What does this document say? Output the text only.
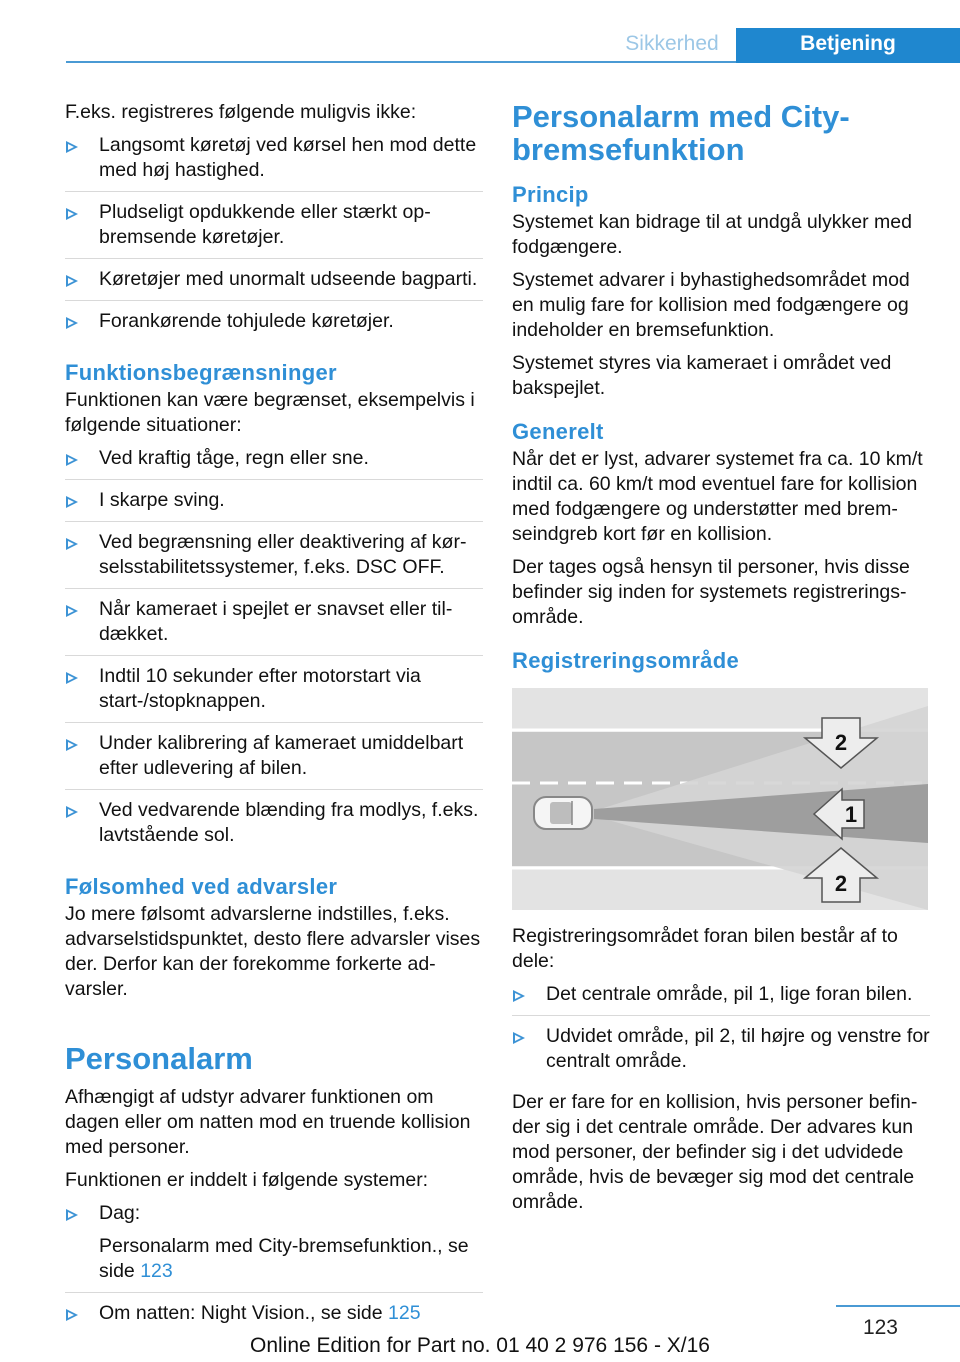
Sikkerhed	Betjening

F.eks. registreres følgende muligvis ikke:

Langsomt køretøj ved kørsel hen mod dette med høj hastighed.
Pludseligt opdukkende eller stærkt opbremsende køretøjer.
Køretøjer med unormalt udseende bagparti.
Forankørende tohjulede køretøjer.
Funktionsbegrænsninger

Funktionen kan være begrænset, eksempelvis i følgende situationer:

Ved kraftig tåge, regn eller sne.
I skarpe sving.
Ved begrænsning eller deaktivering af kørselsstabilitetssystemer, f.eks. DSC OFF.
Når kameraet i spejlet er snavset eller tildækket.
Indtil 10 sekunder efter motorstart via start-/stopknappen.
Under kalibrering af kameraet umiddelbart efter udlevering af bilen.
Ved vedvarende blænding fra modlys, f.eks. lavtstående sol.
Følsomhed ved advarsler

Jo mere følsomt advarslerne indstilles, f.eks. advarselstidspunktet, desto flere advarsler vises der. Derfor kan der forekomme forkerte advarsler.

Personalarm

Afhængigt af udstyr advarer funktionen om dagen eller om natten mod en truende kollision med personer.

Funktionen er inddelt i følgende systemer:

Dag:
Personalarm med City-bremsefunktion., se side 123
Om natten: Night Vision., se side 125
Personalarm med City-bremsefunktion
Princip

Systemet kan bidrage til at undgå ulykker med fodgængere.

Systemet advarer i byhastighedsområdet mod en mulig fare for kollision med fodgængere og indeholder en bremsefunktion.

Systemet styres via kameraet i området ved bakspejlet.

Generelt

Når det er lyst, advarer systemet fra ca. 10 km/t indtil ca. 60 km/t mod eventuel fare for kollision med fodgængere og understøtter med bremseindgreb kort før en kollision.

Der tages også hensyn til personer, hvis disse befinder sig inden for systemets registreringsområde.

Registreringsområde
2
1
2

Registreringsområdet foran bilen består af to dele:

Det centrale område, pil 1, lige foran bilen.
Udvidet område, pil 2, til højre og venstre for centralt område.

Der er fare for en kollision, hvis personer befinder sig i det centrale område. Der advares kun mod personer, der befinder sig i det udvidede område, hvis de bevæger sig mod det centrale område.

123
Online Edition for Part no. 01 40 2 976 156 - X/16
